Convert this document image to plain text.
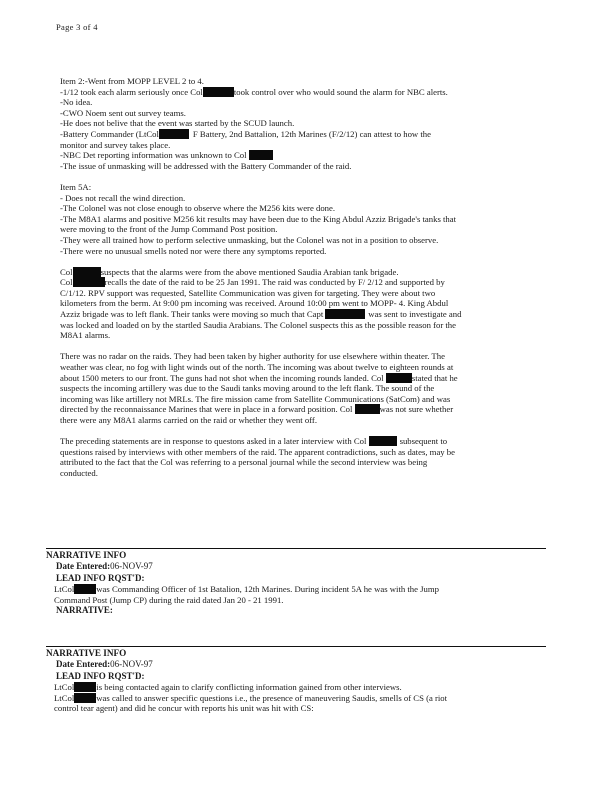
Page 3 of 4
Item 2:-Went from MOPP LEVEL 2 to 4.
-1/12 took each alarm seriously once Col	took control over who would sound the alarm for NBC alerts.
-No idea.
-CWO Noem sent out survey teams.
-He does not belive that the event was started by the SCUD launch.
-Battery Commander (LtCol	F Battery, 2nd Battalion, 12th Marines (F/2/12) can attest to how the
monitor and survey takes place.
-NBC Det reporting information was unknown to Col
-The issue of unmasking will be addressed with the Battery Commander of the raid.
Item 5A:
- Does not recall the wind direction.
-The Colonel was not close enough to observe where the M256 kits were done.
-The M8A1 alarms and positive M256 kit results may have been due to the King Abdul Azziz Brigade's tanks that
were moving to the front of the Jump Command Post position.
-They were all trained how to perform selective unmasking, but the Colonel was not in a position to observe.
-There were no unusual smells noted nor were there any symptoms reported.
Col	suspects that the alarms were from the above mentioned Saudia Arabian tank brigade.
Col	recalls the date of the raid to be 25 Jan 1991. The raid was conducted by F/ 2/12 and supported by
C/1/12. RPV support was requested, Satellite Communication was given for targeting. They were about two
kilometers from the berm. At 9:00 pm incoming was received. Around 10:00 pm went to MOPP- 4. King Abdul
Azziz brigade was to left flank. Their tanks were moving so much that Capt	was sent to investigate and
was locked and loaded on by the startled Saudia Arabians. The Colonel suspects this as the possible reason for the
M8A1 alarms.
There was no radar on the raids. They had been taken by higher authority for use elsewhere within theater. The
weather was clear, no fog with light winds out of the north. The incoming was about twelve to eighteen rounds at
about 1500 meters to our front. The guns had not shot when the incoming rounds landed. Col	stated that he
suspects the incoming artillery was due to the Saudi tanks moving around to the left flank. The sound of the
incoming was like artillery not MRLs. The fire mission came from Satellite Communications (SatCom) and was
directed by the reconnaissance Marines that were in place in a forward position. Col	was not sure whether
there were any M8A1 alarms carried on the raid or whether they went off.
The preceding statements are in response to questons asked in a later interview with Col	subsequent to
questions raised by interviews with other members of the raid. The apparent contradictions, such as dates, may be
attributed to the fact that the Col was referring to a personal journal while the second interview was being
conducted.
NARRATIVE INFO
Date Entered:06-NOV-97
LEAD INFO RQST'D:
LtCol	was Commanding Officer of 1st Batalion, 12th Marines. During incident 5A he was with the Jump
Command Post (Jump CP) during the raid dated Jan 20 - 21 1991.
NARRATIVE:
NARRATIVE INFO
Date Entered:06-NOV-97
LEAD INFO RQST'D:
LtCol	is being contacted again to clarify conflicting information gained from other interviews.
LtCol	was called to answer specific questions i.e., the presence of maneuvering Saudis, smells of CS (a riot
control tear agent) and did he concur with reports his unit was hit with CS:
